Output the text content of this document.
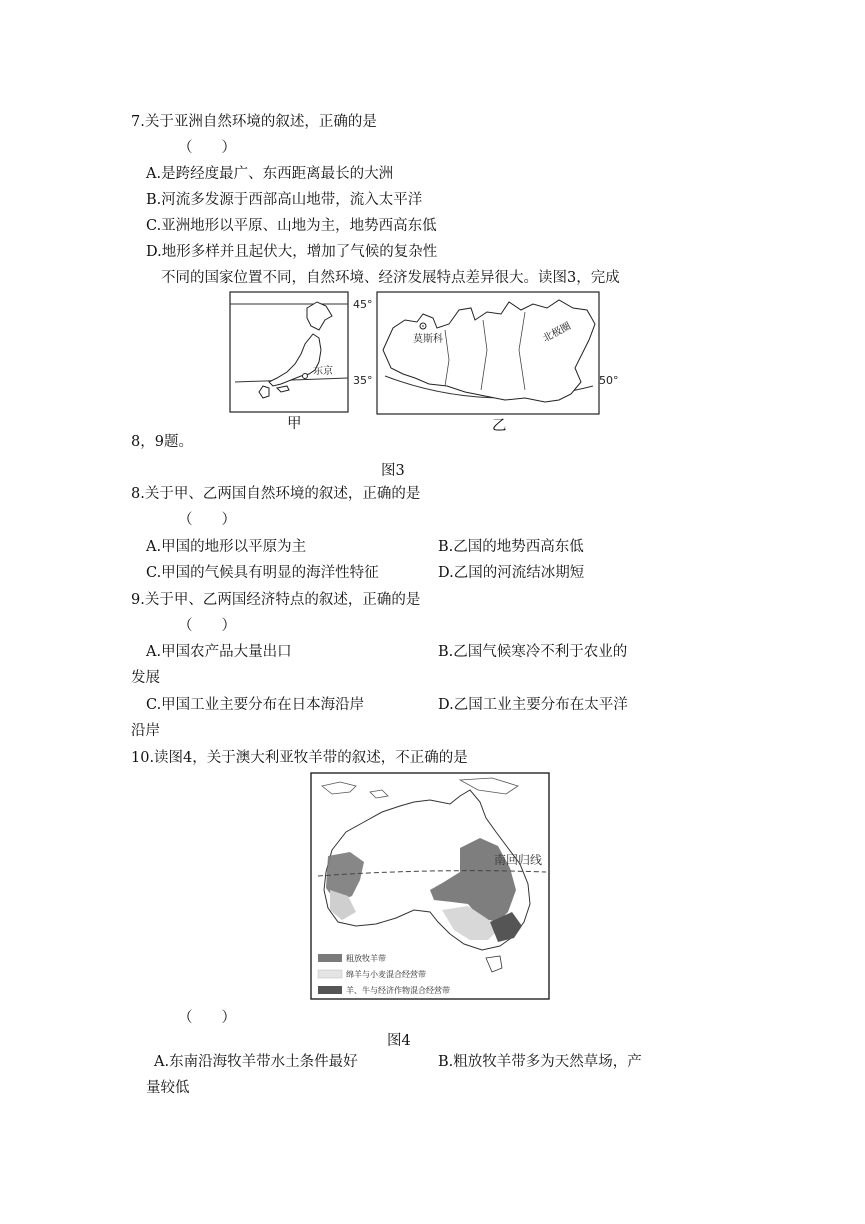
7.关于亚洲自然环境的叙述，正确的是
（　　）
A.是跨经度最广、东西距离最长的大洲
B.河流多发源于西部高山地带，流入太平洋
C.亚洲地形以平原、山地为主，地势西高东低
D.地形多样并且起伏大，增加了气候的复杂性
不同的国家位置不同，自然环境、经济发展特点差异很大。读图3，完成
45°
35°
东京
莫斯科	北极圈
50°
甲	乙
8，9题。
图3
8.关于甲、乙两国自然环境的叙述，正确的是
（　　）
A.甲国的地形以平原为主	B.乙国的地势西高东低
C.甲国的气候具有明显的海洋性特征	D.乙国的河流结冰期短
9.关于甲、乙两国经济特点的叙述，正确的是
（　　）
A.甲国农产品大量出口	B.乙国气候寒冷不利于农业的
发展
C.甲国工业主要分布在日本海沿岸	D.乙国工业主要分布在太平洋
沿岸
10.读图4，关于澳大利亚牧羊带的叙述，不正确的是
南回归线
粗放牧羊带
绵羊与小麦混合经营带
羊、牛与经济作物混合经营带
（　　）
图4
A.东南沿海牧羊带水土条件最好	B.粗放牧羊带多为天然草场，产
量较低
